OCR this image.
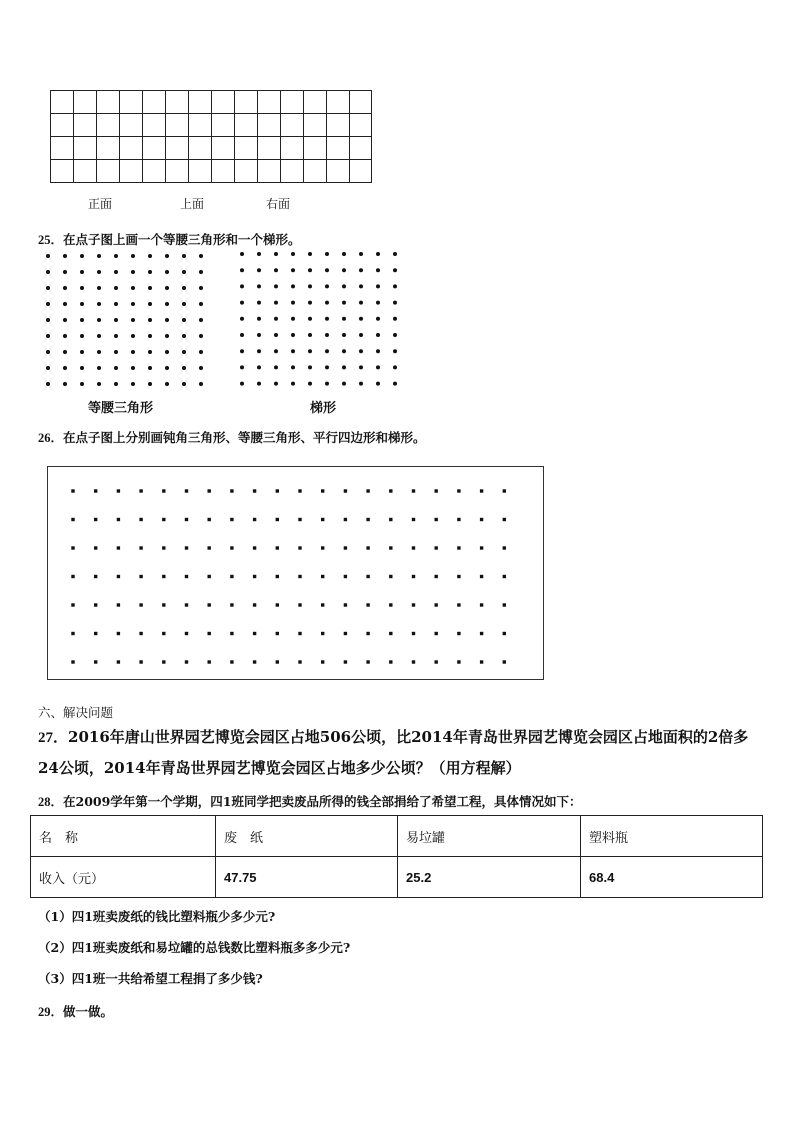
正面	上面	右面
25．在点子图上画一个等腰三角形和一个梯形。
等腰三角形	梯形
26．在点子图上分别画钝角三角形、等腰三角形、平行四边形和梯形。
六、解决问题
27．2016年唐山世界园艺博览会园区占地506公顷，比2014年青岛世界园艺博览会园区占地面积的2倍多24公顷，2014年青岛世界园艺博览会园区占地多少公顷？（用方程解）
28．在2009学年第一个学期，四1班同学把卖废品所得的钱全部捐给了希望工程，具体情况如下：
名　称	废　纸	易垃罐	塑料瓶
收入（元）	47.75	25.2	68.4
（1）四1班卖废纸的钱比塑料瓶少多少元?
（2）四1班卖废纸和易垃罐的总钱数比塑料瓶多多少元?
（3）四1班一共给希望工程捐了多少钱?
29．做一做。
